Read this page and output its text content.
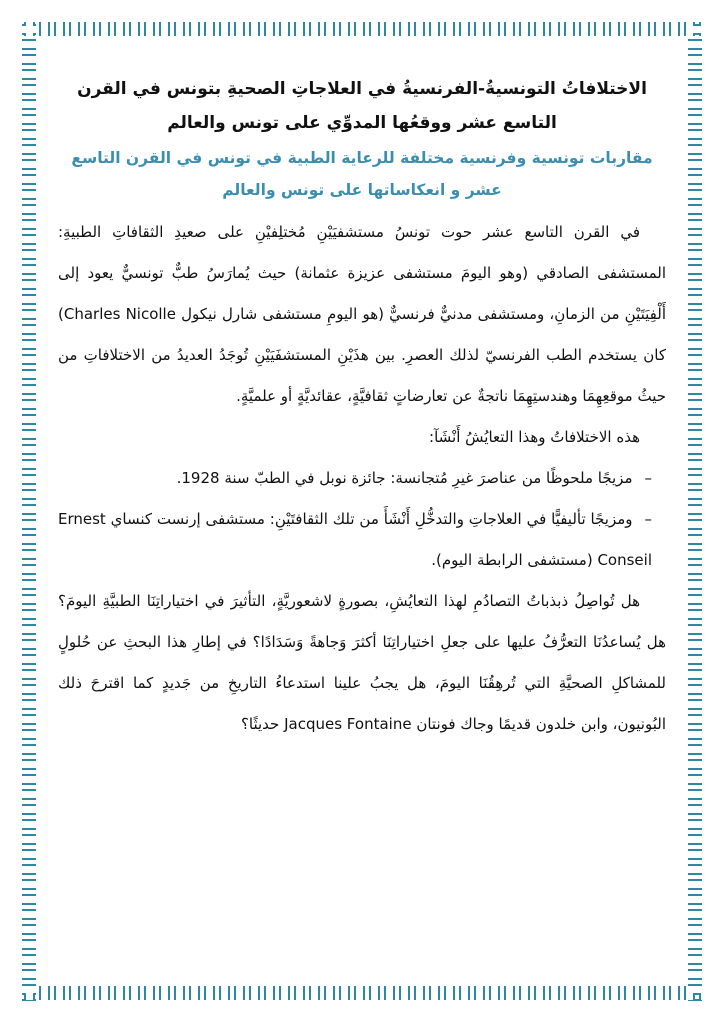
الاختلافاتُ التونسيةُ-الفرنسيةُ في العلاجاتِ الصحيةِ بتونس في القرن التاسع عشر ووقعُها المدوِّي على تونس والعالم
مقاربات تونسية وفرنسية مختلفة للرعاية الطبية في تونس في القرن التاسع عشر و انعكاساتها على تونس والعالم

في القرن التاسع عشر حوت تونسُ مستشفيَيْنِ مُختلِفيْنِ على صعيدِ الثقافاتِ الطبيةِ: المستشفى الصادقي (وهو اليومَ مستشفى عزيزة عثمانة) حيث يُمارَسُ طبٌّ تونسيٌّ يعود إلى أَلْفِيَتَيْنِ من الزمانِ، ومستشفى مدنيٌّ فرنسيٌّ (هو اليومِ مستشفى شارل نيكول Charles Nicolle) كان يستخدم الطب الفرنسيّ لذلك العصرِ. بين هذَيْنِ المستشفَيَيْنِ تُوجَدُ العديدُ من الاختلافاتِ من حيثُ موقعِهِمَا وهندستِهِمَا ناتجةٌ عن تعارضاتٍ ثقافيَّةٍ، عقائديَّةٍ أو علميَّةٍ.

هذه الاختلافاتُ وهذا التعايُشُ أَنْشَآ:

–مزيجًا ملحوظًا من عناصرَ غيرِ مُتجانسة: جائزة نوبل في الطبّ سنة 1928.

–ومزيجًا تأليفيًّا في العلاجاتِ والتدخُّلِ أَنْشَأَ من تلك الثقافتَيْنِ: مستشفى إرنست كنساي Ernest Conseil (مستشفى الرابطة اليوم).

هل تُواصِلُ ذبذباتُ التصادُمِ لهذا التعايُشِ، بصورةٍ لاشعوريَّةٍ، التأثيرَ في اختياراتِنَا الطبيَّةِ اليومَ؟ هل يُساعدُنَا التعرُّفُ عليها على جعلِ اختياراتِنَا أكثرَ وَجاهةً وَسَدَادًا؟ في إطارِ هذا البحثِ عن حُلولٍ للمشاكلِ الصحيَّةِ التي تُرهِقُنَا اليومَ، هل يجبُ علينا استدعاءُ التاريخِ من جَديدٍ كما اقترحَ ذلك البُونيون، وابن خلدون قديمًا وجاك فونتان Jacques Fontaine حديثًا؟
